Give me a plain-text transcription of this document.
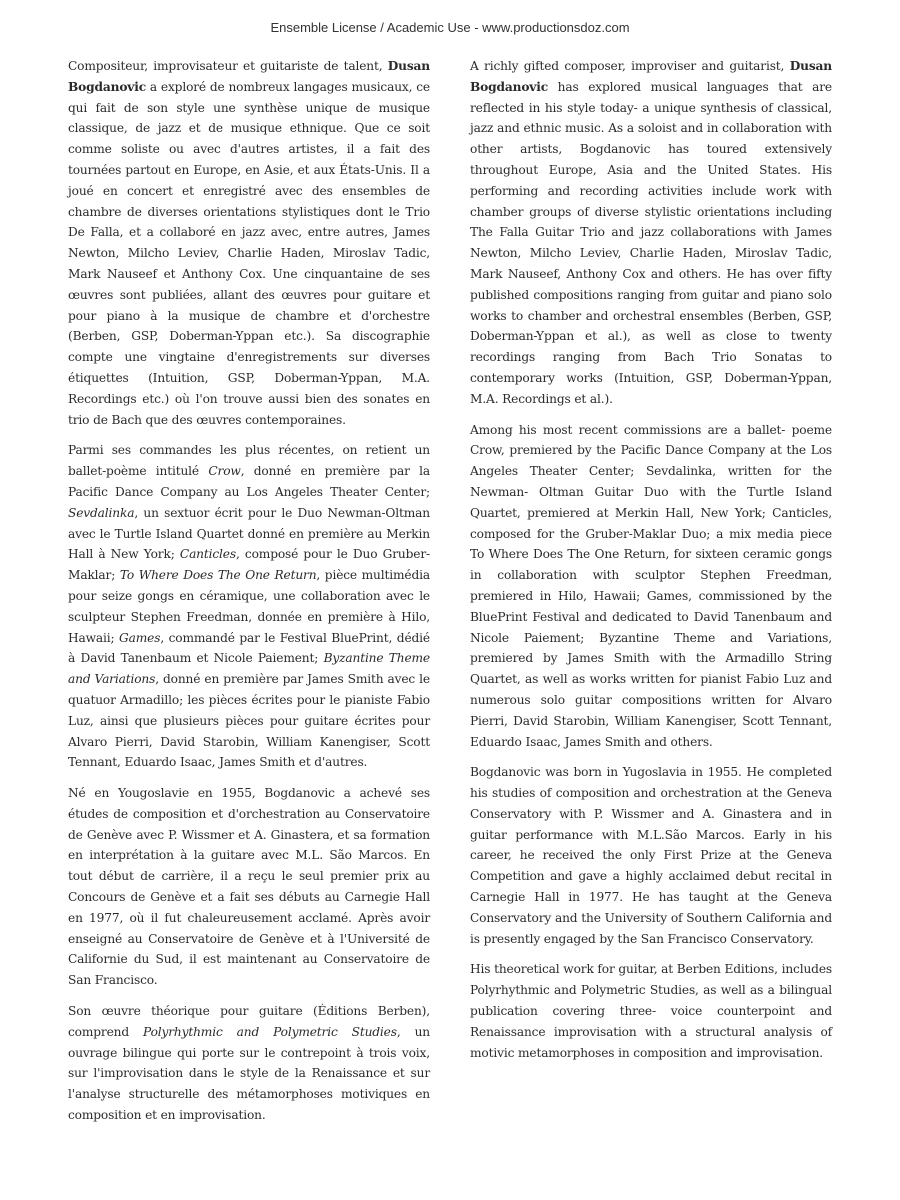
Ensemble License / Academic Use - www.productionsdoz.com

Compositeur, improvisateur et guitariste de talent, Dusan Bogdanovic a exploré de nombreux langages musicaux, ce qui fait de son style une synthèse unique de musique classique, de jazz et de musique ethnique. Que ce soit comme soliste ou avec d'autres artistes, il a fait des tournées partout en Europe, en Asie, et aux États-Unis. Il a joué en concert et enregistré avec des ensembles de chambre de diverses orientations stylistiques dont le Trio De Falla, et a collaboré en jazz avec, entre autres, James Newton, Milcho Leviev, Charlie Haden, Miroslav Tadic, Mark Nauseef et Anthony Cox. Une cinquantaine de ses œuvres sont publiées, allant des œuvres pour guitare et pour piano à la musique de chambre et d'orchestre (Berben, GSP, Doberman-Yppan etc.). Sa discographie compte une vingtaine d'enregistrements sur diverses étiquettes (Intuition, GSP, Doberman-Yppan, M.A. Recordings etc.) où l'on trouve aussi bien des sonates en trio de Bach que des œuvres contemporaines.

Parmi ses commandes les plus récentes, on retient un ballet-poème intitulé Crow, donné en première par la Pacific Dance Company au Los Angeles Theater Center; Sevdalinka, un sextuor écrit pour le Duo Newman-Oltman avec le Turtle Island Quartet donné en première au Merkin Hall à New York; Canticles, composé pour le Duo Gruber-Maklar; To Where Does The One Return, pièce multimédia pour seize gongs en céramique, une collaboration avec le sculpteur Stephen Freedman, donnée en première à Hilo, Hawaii; Games, commandé par le Festival BluePrint, dédié à David Tanenbaum et Nicole Paiement; Byzantine Theme and Variations, donné en première par James Smith avec le quatuor Armadillo; les pièces écrites pour le pianiste Fabio Luz, ainsi que plusieurs pièces pour guitare écrites pour Alvaro Pierri, David Starobin, William Kanengiser, Scott Tennant, Eduardo Isaac, James Smith et d'autres.

Né en Yougoslavie en 1955, Bogdanovic a achevé ses études de composition et d'orchestration au Conservatoire de Genève avec P. Wissmer et A. Ginastera, et sa formation en interprétation à la guitare avec M.L. São Marcos. En tout début de carrière, il a reçu le seul premier prix au Concours de Genève et a fait ses débuts au Carnegie Hall en 1977, où il fut chaleureusement acclamé. Après avoir enseigné au Conservatoire de Genève et à l'Université de Californie du Sud, il est maintenant au Conservatoire de San Francisco.

Son œuvre théorique pour guitare (Éditions Berben), comprend Polyrhythmic and Polymetric Studies, un ouvrage bilingue qui porte sur le contrepoint à trois voix, sur l'improvisation dans le style de la Renaissance et sur l'analyse structurelle des métamorphoses motiviques en composition et en improvisation.

A richly gifted composer, improviser and guitarist, Dusan Bogdanovic has explored musical languages that are reflected in his style today- a unique synthesis of classical, jazz and ethnic music. As a soloist and in collaboration with other artists, Bogdanovic has toured extensively throughout Europe, Asia and the United States. His performing and recording activities include work with chamber groups of diverse stylistic orientations including The Falla Guitar Trio and jazz collaborations with James Newton, Milcho Leviev, Charlie Haden, Miroslav Tadic, Mark Nauseef, Anthony Cox and others. He has over fifty published compositions ranging from guitar and piano solo works to chamber and orchestral ensembles (Berben, GSP, Doberman-Yppan et al.), as well as close to twenty recordings ranging from Bach Trio Sonatas to contemporary works (Intuition, GSP, Doberman-Yppan, M.A. Recordings et al.).

Among his most recent commissions are a ballet- poeme Crow, premiered by the Pacific Dance Company at the Los Angeles Theater Center; Sevdalinka, written for the Newman- Oltman Guitar Duo with the Turtle Island Quartet, premiered at Merkin Hall, New York; Canticles, composed for the Gruber-Maklar Duo; a mix media piece To Where Does The One Return, for sixteen ceramic gongs in collaboration with sculptor Stephen Freedman, premiered in Hilo, Hawaii; Games, commissioned by the BluePrint Festival and dedicated to David Tanenbaum and Nicole Paiement; Byzantine Theme and Variations, premiered by James Smith with the Armadillo String Quartet, as well as works written for pianist Fabio Luz and numerous solo guitar compositions written for Alvaro Pierri, David Starobin, William Kanengiser, Scott Tennant, Eduardo Isaac, James Smith and others.

Bogdanovic was born in Yugoslavia in 1955. He completed his studies of composition and orchestration at the Geneva Conservatory with P. Wissmer and A. Ginastera and in guitar performance with M.L.São Marcos. Early in his career, he received the only First Prize at the Geneva Competition and gave a highly acclaimed debut recital in Carnegie Hall in 1977. He has taught at the Geneva Conservatory and the University of Southern California and is presently engaged by the San Francisco Conservatory.

His theoretical work for guitar, at Berben Editions, includes Polyrhythmic and Polymetric Studies, as well as a bilingual publication covering three- voice counterpoint and Renaissance improvisation with a structural analysis of motivic metamorphoses in composition and improvisation.
